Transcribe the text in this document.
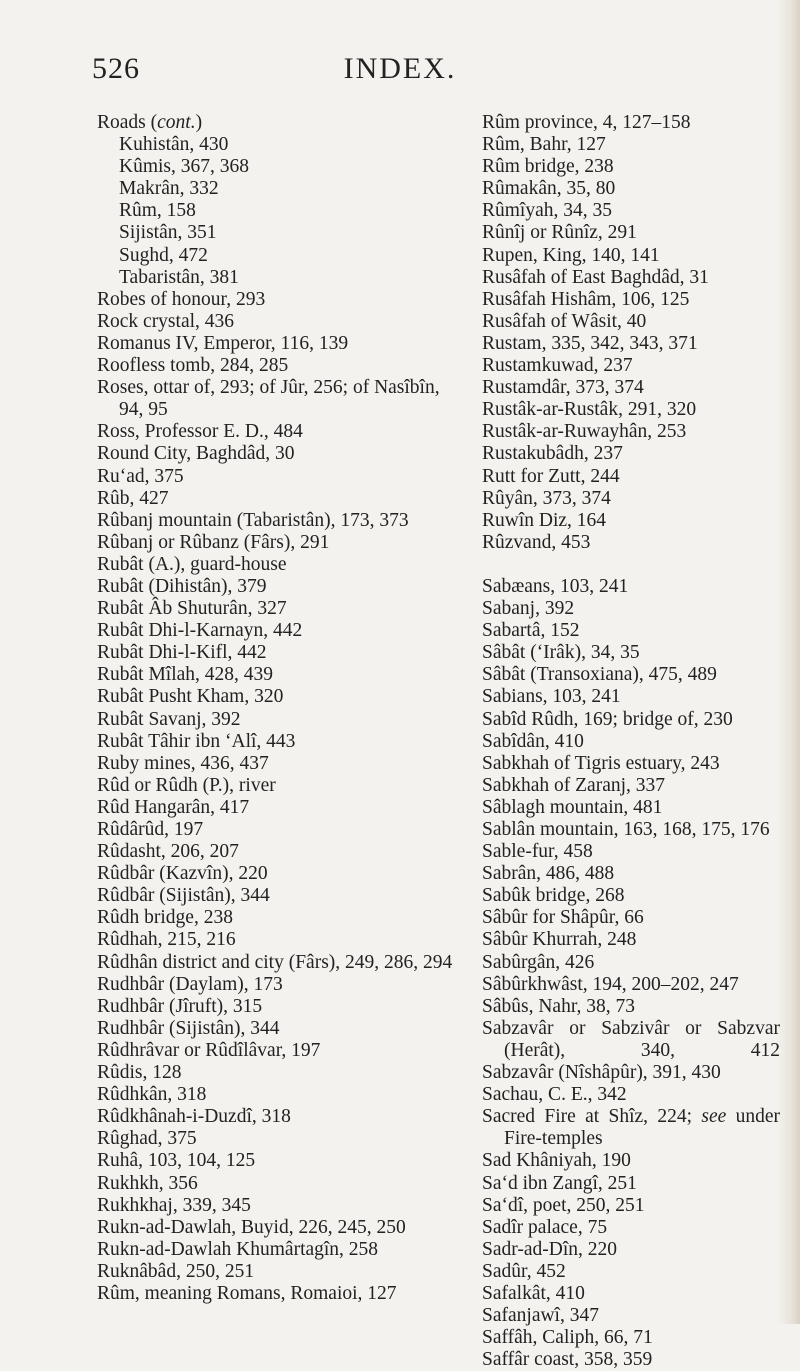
526	INDEX.
Roads (cont.)
Kuhistân, 430
Kûmis, 367, 368
Makrân, 332
Rûm, 158
Sijistân, 351
Sughd, 472
Tabaristân, 381
Robes of honour, 293
Rock crystal, 436
Romanus IV, Emperor, 116, 139
Roofless tomb, 284, 285
Roses, ottar of, 293; of Jûr, 256; of Nasîbîn, 94, 95
Ross, Professor E. D., 484
Round City, Baghdâd, 30
Ru‘ad, 375
Rûb, 427
Rûbanj mountain (Tabaristân), 173, 373
Rûbanj or Rûbanz (Fârs), 291
Rubât (A.), guard-house
Rubât (Dihistân), 379
Rubât Âb Shuturân, 327
Rubât Dhi-l-Karnayn, 442
Rubât Dhi-l-Kifl, 442
Rubât Mîlah, 428, 439
Rubât Pusht Kham, 320
Rubât Savanj, 392
Rubât Tâhir ibn ‘Alî, 443
Ruby mines, 436, 437
Rûd or Rûdh (P.), river
Rûd Hangarân, 417
Rûdârûd, 197
Rûdasht, 206, 207
Rûdbâr (Kazvîn), 220
Rûdbâr (Sijistân), 344
Rûdh bridge, 238
Rûdhah, 215, 216
Rûdhân district and city (Fârs), 249, 286, 294
Rudhbâr (Daylam), 173
Rudhbâr (Jîruft), 315
Rudhbâr (Sijistân), 344
Rûdhrâvar or Rûdîlâvar, 197
Rûdis, 128
Rûdhkân, 318
Rûdkhânah-i-Duzdî, 318
Rûghad, 375
Ruhâ, 103, 104, 125
Rukhkh, 356
Rukhkhaj, 339, 345
Rukn-ad-Dawlah, Buyid, 226, 245, 250
Rukn-ad-Dawlah Khumârtagîn, 258
Ruknâbâd, 250, 251
Rûm, meaning Romans, Romaioi, 127
Rûm province, 4, 127–158
Rûm, Bahr, 127
Rûm bridge, 238
Rûmakân, 35, 80
Rûmîyah, 34, 35
Rûnîj or Rûnîz, 291
Rupen, King, 140, 141
Rusâfah of East Baghdâd, 31
Rusâfah Hishâm, 106, 125
Rusâfah of Wâsit, 40
Rustam, 335, 342, 343, 371
Rustamkuwad, 237
Rustamdâr, 373, 374
Rustâk-ar-Rustâk, 291, 320
Rustâk-ar-Ruwayhân, 253
Rustakubâdh, 237
Rutt for Zutt, 244
Rûyân, 373, 374
Ruwîn Diz, 164
Rûzvand, 453
Sabæans, 103, 241
Sabanj, 392
Sabartâ, 152
Sâbât (‘Irâk), 34, 35
Sâbât (Transoxiana), 475, 489
Sabians, 103, 241
Sabîd Rûdh, 169; bridge of, 230
Sabîdân, 410
Sabkhah of Tigris estuary, 243
Sabkhah of Zaranj, 337
Sâblagh mountain, 481
Sablân mountain, 163, 168, 175, 176
Sable-fur, 458
Sabrân, 486, 488
Sabûk bridge, 268
Sâbûr for Shâpûr, 66
Sâbûr Khurrah, 248
Sabûrgân, 426
Sâbûrkhwâst, 194, 200–202, 247
Sâbûs, Nahr, 38, 73
Sabzavâr or Sabzivâr or Sabzvar (Herât), 340, 412
Sabzavâr (Nîshâpûr), 391, 430
Sachau, C. E., 342
Sacred Fire at Shîz, 224; see under Fire-temples
Sad Khâniyah, 190
Sa‘d ibn Zangî, 251
Sa‘dî, poet, 250, 251
Sadîr palace, 75
Sadr-ad-Dîn, 220
Sadûr, 452
Safalkât, 410
Safanjawî, 347
Saffâh, Caliph, 66, 71
Saffâr coast, 358, 359
